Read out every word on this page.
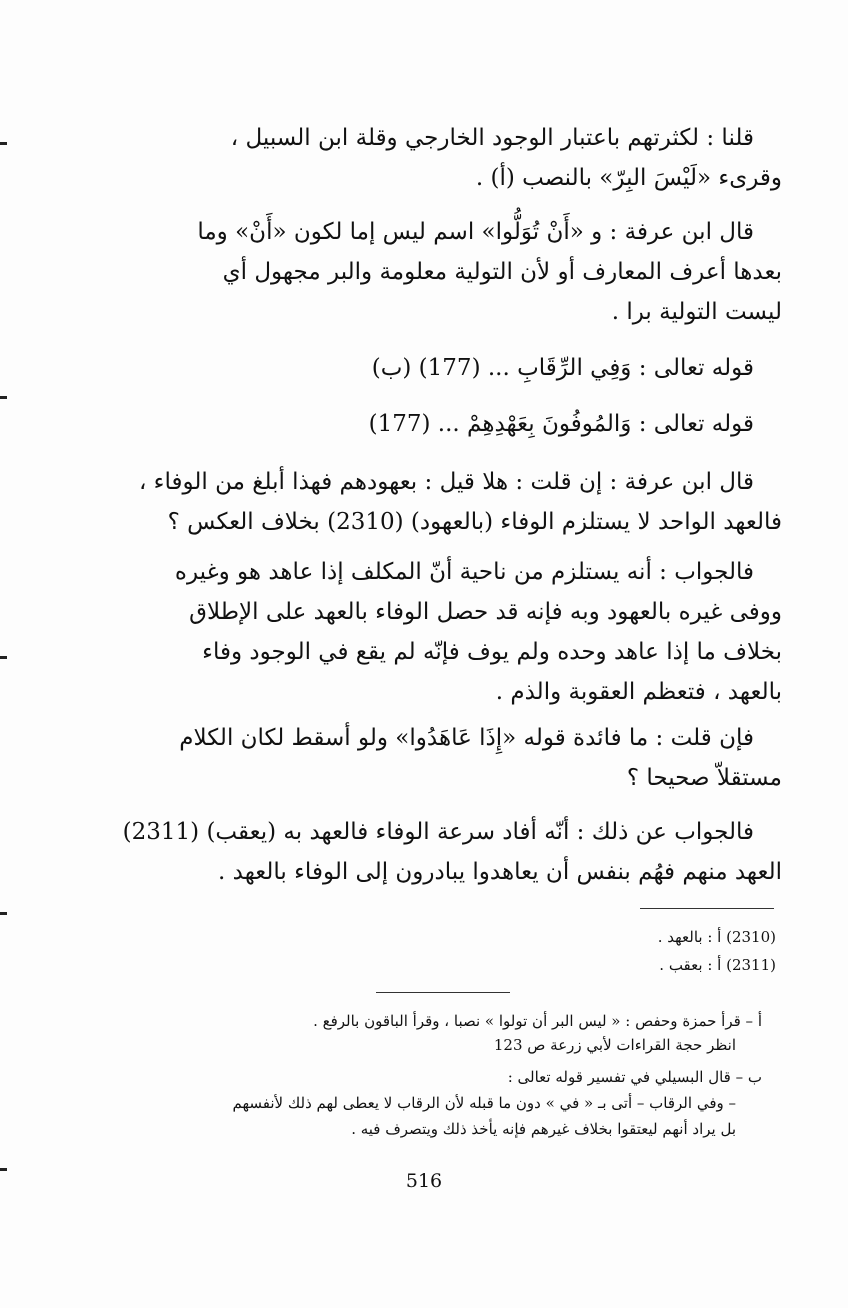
قلنا : لكثرتهم باعتبار الوجود الخارجي وقلة ابن السبيل ،
وقرىء «لَيْسَ البِرّ» بالنصب (أ) .
قال ابن عرفة : و «أَنْ تُوَلُّوا» اسم ليس إما لكون «أَنْ» وما
بعدها أعرف المعارف أو لأن التولية معلومة والبر مجهول أي
ليست التولية برا .
قوله تعالى : وَفِي الرِّقَابِ ... (177) (ب)
قوله تعالى : وَالمُوفُونَ بِعَهْدِهِمْ ... (177)
قال ابن عرفة : إن قلت : هلا قيل : بعهودهم فهذا أبلغ من الوفاء ،
فالعهد الواحد لا يستلزم الوفاء (بالعهود) (2310) بخلاف العكس ؟
فالجواب : أنه يستلزم من ناحية أنّ المكلف إذا عاهد هو وغيره
ووفى غيره بالعهود وبه فإنه قد حصل الوفاء بالعهد على الإطلاق
بخلاف ما إذا عاهد وحده ولم يوف فإنّه لم يقع في الوجود وفاء
بالعهد ، فتعظم العقوبة والذم .
فإن قلت : ما فائدة قوله «إِذَا عَاهَدُوا» ولو أسقط لكان الكلام
مستقلاّ صحيحا ؟
فالجواب عن ذلك : أنّه أفاد سرعة الوفاء فالعهد به (يعقب) (2311)
العهد منهم فهُم بنفس أن يعاهدوا يبادرون إلى الوفاء بالعهد .
(2310) أ : بالعهد .
(2311) أ : بعقب .
أ – قرأ حمزة وحفص : « ليس البر أن تولوا » نصبا ، وقرأ الباقون بالرفع .
انظر حجة القراءات لأبي زرعة ص 123
ب – قال البسيلي في تفسير قوله تعالى :
– وفي الرقاب – أتى بـ « في » دون ما قبله لأن الرقاب لا يعطى لهم ذلك لأنفسهم
بل يراد أنهم ليعتقوا بخلاف غيرهم فإنه يأخذ ذلك ويتصرف فيه .
516
